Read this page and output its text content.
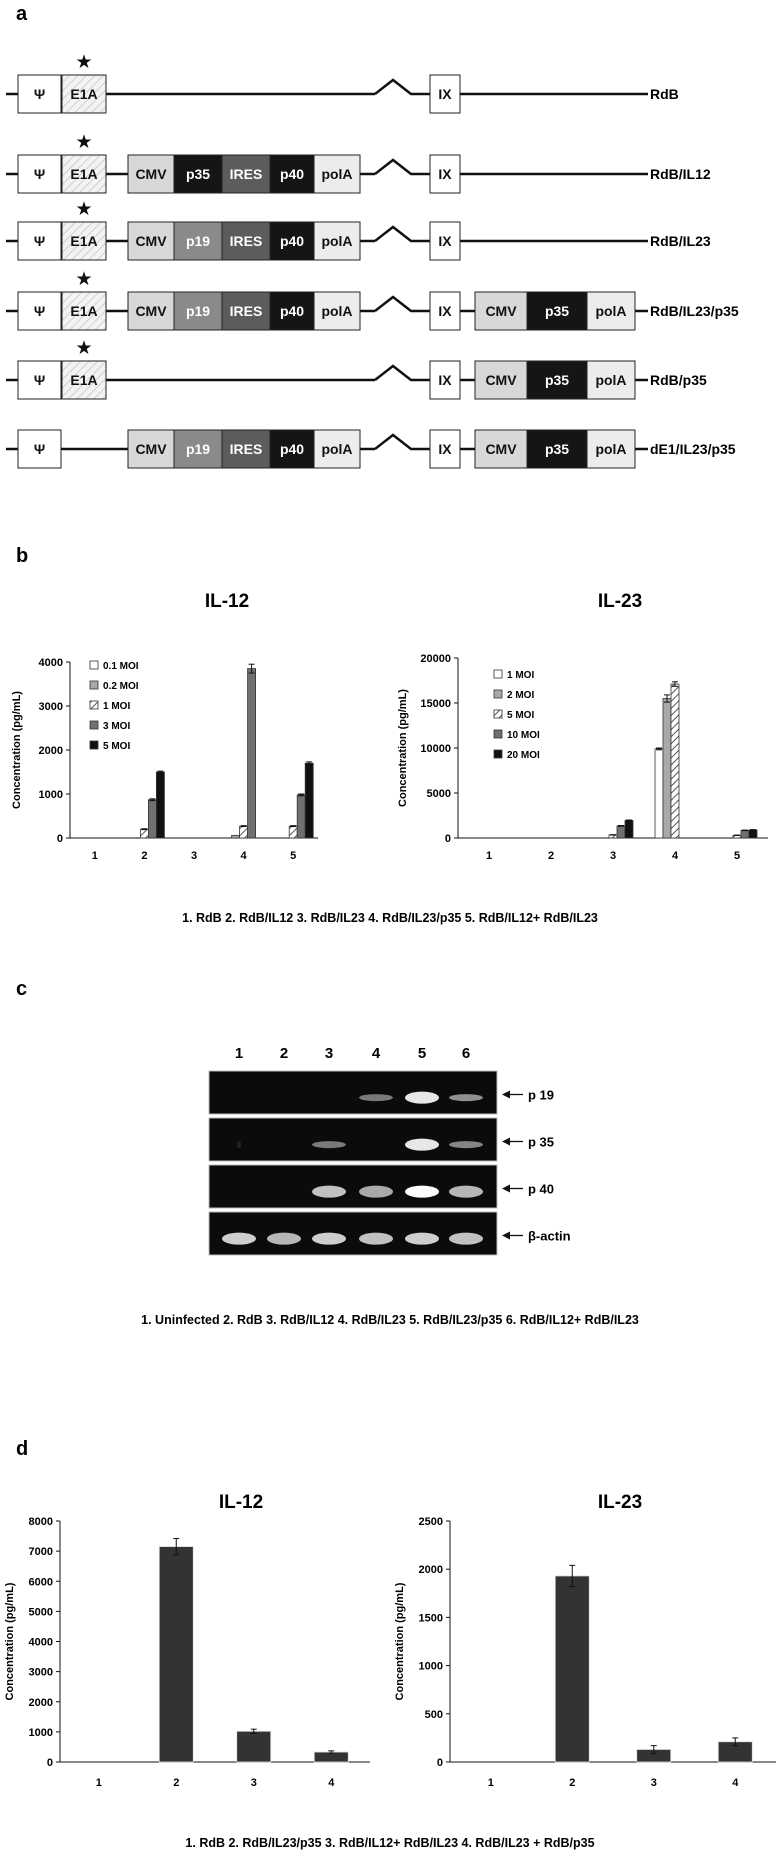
a
b
c
d
Ψ E1A	IX
★
RdB
Ψ E1A	CMV p35 IRES p40 polA	IX
★
RdB/IL12
Ψ E1A	CMV p19 IRES p40 polA	IX
★
RdB/IL23
Ψ E1A	CMV p19 IRES p40 polA	IX CMV p35 polA
★
RdB/IL23/p35
Ψ E1A	IX CMV p35 polA
★
RdB/p35
Ψ	CMV p19 IRES p40 polA	IX CMV p35 polA dE1/IL23/p35
IL-12
Concentration (pg/mL)
0
1000
2000
3000
4000
1	2	3	4	5
0.1 MOI
0.2 MOI
1 MOI
3 MOI
5 MOI
IL-23
Concentration (pg/mL)
0
5000
10000
15000
20000
1	2	3	4	5
1 MOI
2 MOI
5 MOI
10 MOI
20 MOI
1. RdB 2. RdB/IL12 3. RdB/IL23 4. RdB/IL23/p35 5. RdB/IL12+ RdB/IL23
1 2 3	4	5 6
p 19
p 35
p 40
β-actin
1. Uninfected 2. RdB 3. RdB/IL12 4. RdB/IL23 5. RdB/IL23/p35 6. RdB/IL12+ RdB/IL23
IL-12
Concentration (pg/mL)
0
1000
2000
3000
4000
5000
6000
7000
8000
1	2	3	4
IL-23
Concentration (pg/mL)
0
500
1000
1500
2000
2500
1	2	3	4
1. RdB 2. RdB/IL23/p35 3. RdB/IL12+ RdB/IL23 4. RdB/IL23 + RdB/p35
